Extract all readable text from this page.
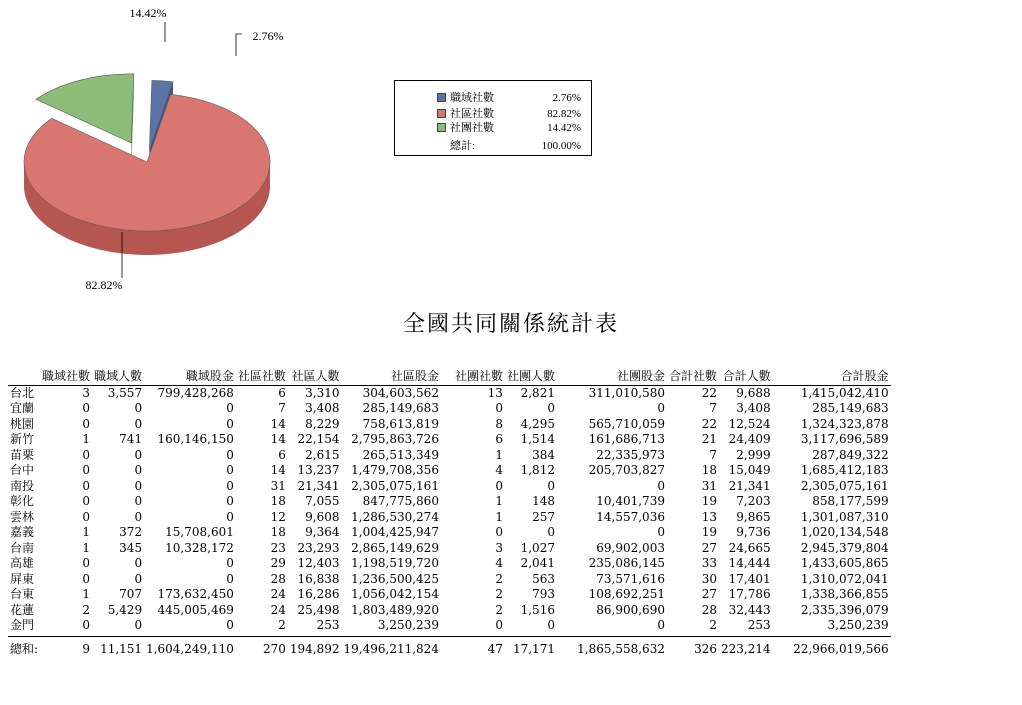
2.76%
82.82%
14.42%
職域社數	2.76%
社區社數	82.82%
社團社數	14.42%
總計:	100.00%
全國共同關係統計表
	職域社數	職域人數	職域股金	社區社數	社區人數	社區股金	社團社數	社團人數	社團股金	合計社數	合計人數	合計股金
台北	3	3,557	799,428,268	6	3,310	304,603,562	13	2,821	311,010,580	22	9,688	1,415,042,410
宜蘭	0	0	0	7	3,408	285,149,683	0	0	0	7	3,408	285,149,683
桃園	0	0	0	14	8,229	758,613,819	8	4,295	565,710,059	22	12,524	1,324,323,878
新竹	1	741	160,146,150	14	22,154	2,795,863,726	6	1,514	161,686,713	21	24,409	3,117,696,589
苗栗	0	0	0	6	2,615	265,513,349	1	384	22,335,973	7	2,999	287,849,322
台中	0	0	0	14	13,237	1,479,708,356	4	1,812	205,703,827	18	15,049	1,685,412,183
南投	0	0	0	31	21,341	2,305,075,161	0	0	0	31	21,341	2,305,075,161
彰化	0	0	0	18	7,055	847,775,860	1	148	10,401,739	19	7,203	858,177,599
雲林	0	0	0	12	9,608	1,286,530,274	1	257	14,557,036	13	9,865	1,301,087,310
嘉義	1	372	15,708,601	18	9,364	1,004,425,947	0	0	0	19	9,736	1,020,134,548
台南	1	345	10,328,172	23	23,293	2,865,149,629	3	1,027	69,902,003	27	24,665	2,945,379,804
高雄	0	0	0	29	12,403	1,198,519,720	4	2,041	235,086,145	33	14,444	1,433,605,865
屏東	0	0	0	28	16,838	1,236,500,425	2	563	73,571,616	30	17,401	1,310,072,041
台東	1	707	173,632,450	24	16,286	1,056,042,154	2	793	108,692,251	27	17,786	1,338,366,855
花蓮	2	5,429	445,005,469	24	25,498	1,803,489,920	2	1,516	86,900,690	28	32,443	2,335,396,079
金門	0	0	0	2	253	3,250,239	0	0	0	2	253	3,250,239

總和:	9	11,151	1,604,249,110	270	194,892	19,496,211,824	47	17,171	1,865,558,632	326	223,214	22,966,019,566
